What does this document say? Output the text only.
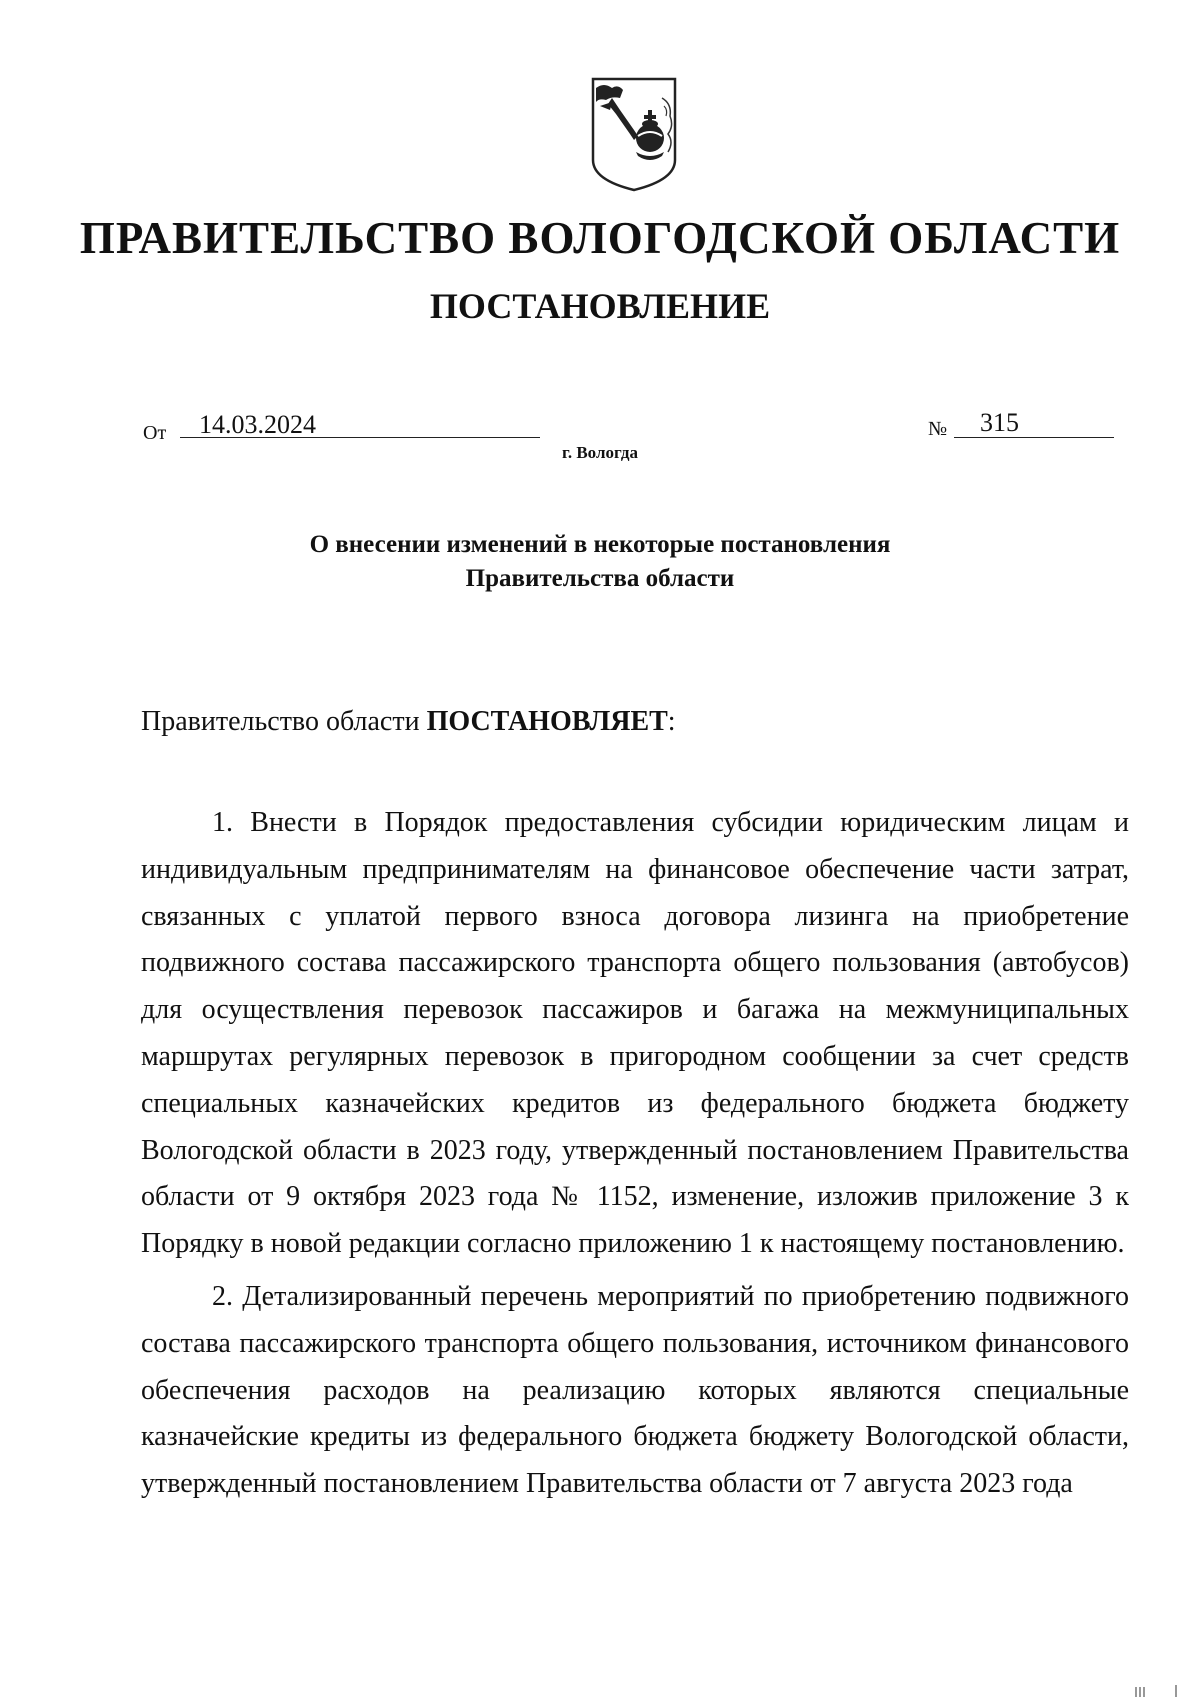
ПРАВИТЕЛЬСТВО ВОЛОГОДСКОЙ ОБЛАСТИ
ПОСТАНОВЛЕНИЕ
От 14.03.2024	№ 315
г. Вологда
О внесении изменений в некоторые постановления
Правительства области
Правительство области ПОСТАНОВЛЯЕТ:

1. Внести в Порядок предоставления субсидии юридическим лицам и индивидуальным предпринимателям на финансовое обеспечение части затрат, связанных с уплатой первого взноса договора лизинга на приобретение подвижного состава пассажирского транспорта общего пользования (автобусов) для осуществления перевозок пассажиров и багажа на межмуниципальных маршрутах регулярных перевозок в пригородном сообщении за счет средств специальных казначейских кредитов из федерального бюджета бюджету Вологодской области в 2023 году, утвержденный постановлением Правительства области от 9 октября 2023 года № 1152, изменение, изложив приложение 3 к Порядку в новой редакции согласно приложению 1 к настоящему постановлению.

2. Детализированный перечень мероприятий по приобретению подвижного состава пассажирского транспорта общего пользования, источником финансового обеспечения расходов на реализацию которых являются специальные казначейские кредиты из федерального бюджета бюджету Вологодской области, утвержденный постановлением Правительства области от 7 августа 2023 года
